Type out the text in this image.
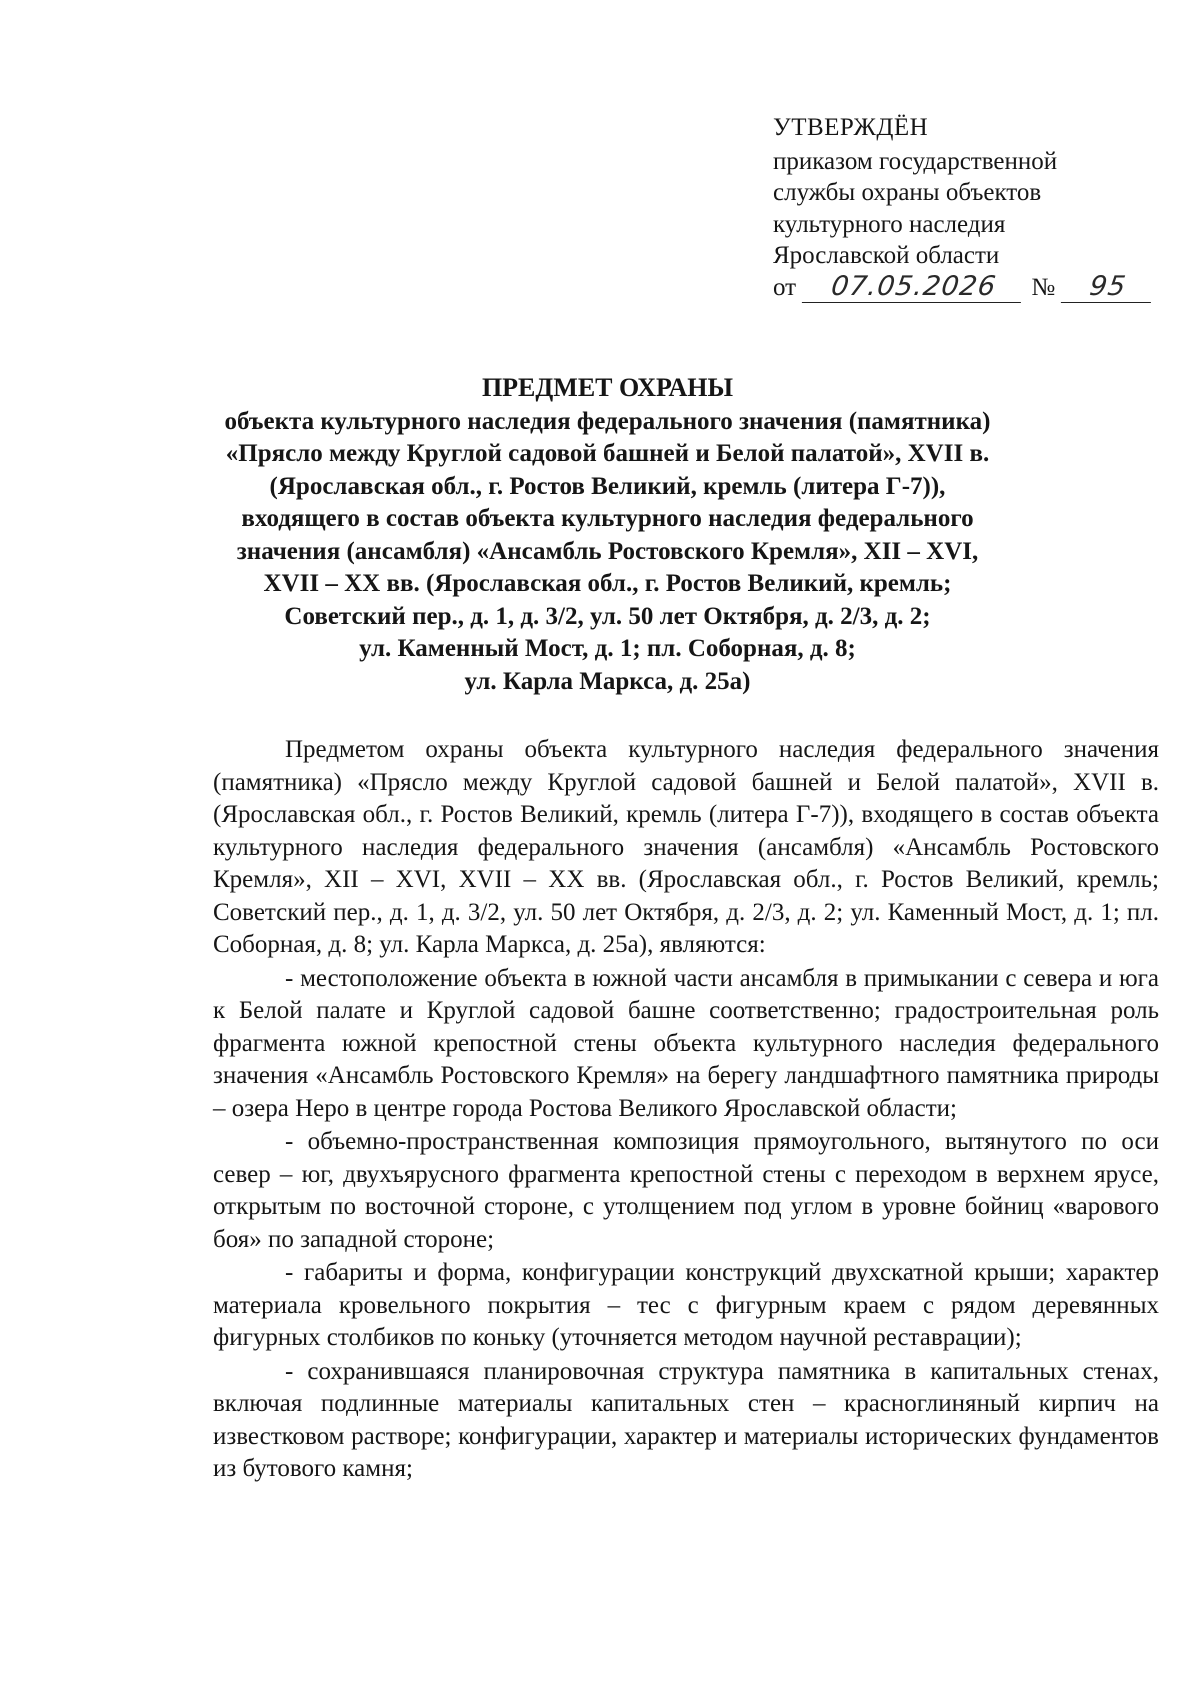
УТВЕРЖДЁН
приказом государственной
службы охраны объектов
культурного наследия
Ярославской области
от	07.05.2026	№	95
ПРЕДМЕТ ОХРАНЫ
объекта культурного наследия федерального значения (памятника)
«Прясло между Круглой садовой башней и Белой палатой», XVII в.
(Ярославская обл., г. Ростов Великий, кремль (литера Г-7)),
входящего в состав объекта культурного наследия федерального
значения (ансамбля) «Ансамбль Ростовского Кремля», XII – XVI,
XVII – XX вв. (Ярославская обл., г. Ростов Великий, кремль;
Советский пер., д. 1, д. 3/2, ул. 50 лет Октября, д. 2/3, д. 2;
ул. Каменный Мост, д. 1; пл. Соборная, д. 8;
ул. Карла Маркса, д. 25а)

Предметом охраны объекта культурного наследия федерального значения (памятника) «Прясло между Круглой садовой башней и Белой палатой», XVII в. (Ярославская обл., г. Ростов Великий, кремль (литера Г-7)), входящего в состав объекта культурного наследия федерального значения (ансамбля) «Ансамбль Ростовского Кремля», XII – XVI, XVII – XX вв. (Ярославская обл., г. Ростов Великий, кремль; Советский пер., д. 1, д. 3/2, ул. 50 лет Октября, д. 2/3, д. 2; ул. Каменный Мост, д. 1; пл. Соборная, д. 8; ул. Карла Маркса, д. 25а), являются:

- местоположение объекта в южной части ансамбля в примыкании с севера и юга к Белой палате и Круглой садовой башне соответственно; градостроительная роль фрагмента южной крепостной стены объекта культурного наследия федерального значения «Ансамбль Ростовского Кремля» на берегу ландшафтного памятника природы – озера Неро в центре города Ростова Великого Ярославской области;

- объемно-пространственная композиция прямоугольного, вытянутого по оси север – юг, двухъярусного фрагмента крепостной стены с переходом в верхнем ярусе, открытым по восточной стороне, с утолщением под углом в уровне бойниц «варового боя» по западной стороне;

- габариты и форма, конфигурации конструкций двухскатной крыши; характер материала кровельного покрытия – тес с фигурным краем с рядом деревянных фигурных столбиков по коньку (уточняется методом научной реставрации);

- сохранившаяся планировочная структура памятника в капитальных стенах, включая подлинные материалы капитальных стен – красноглиняный кирпич на известковом растворе; конфигурации, характер и материалы исторических фундаментов из бутового камня;
